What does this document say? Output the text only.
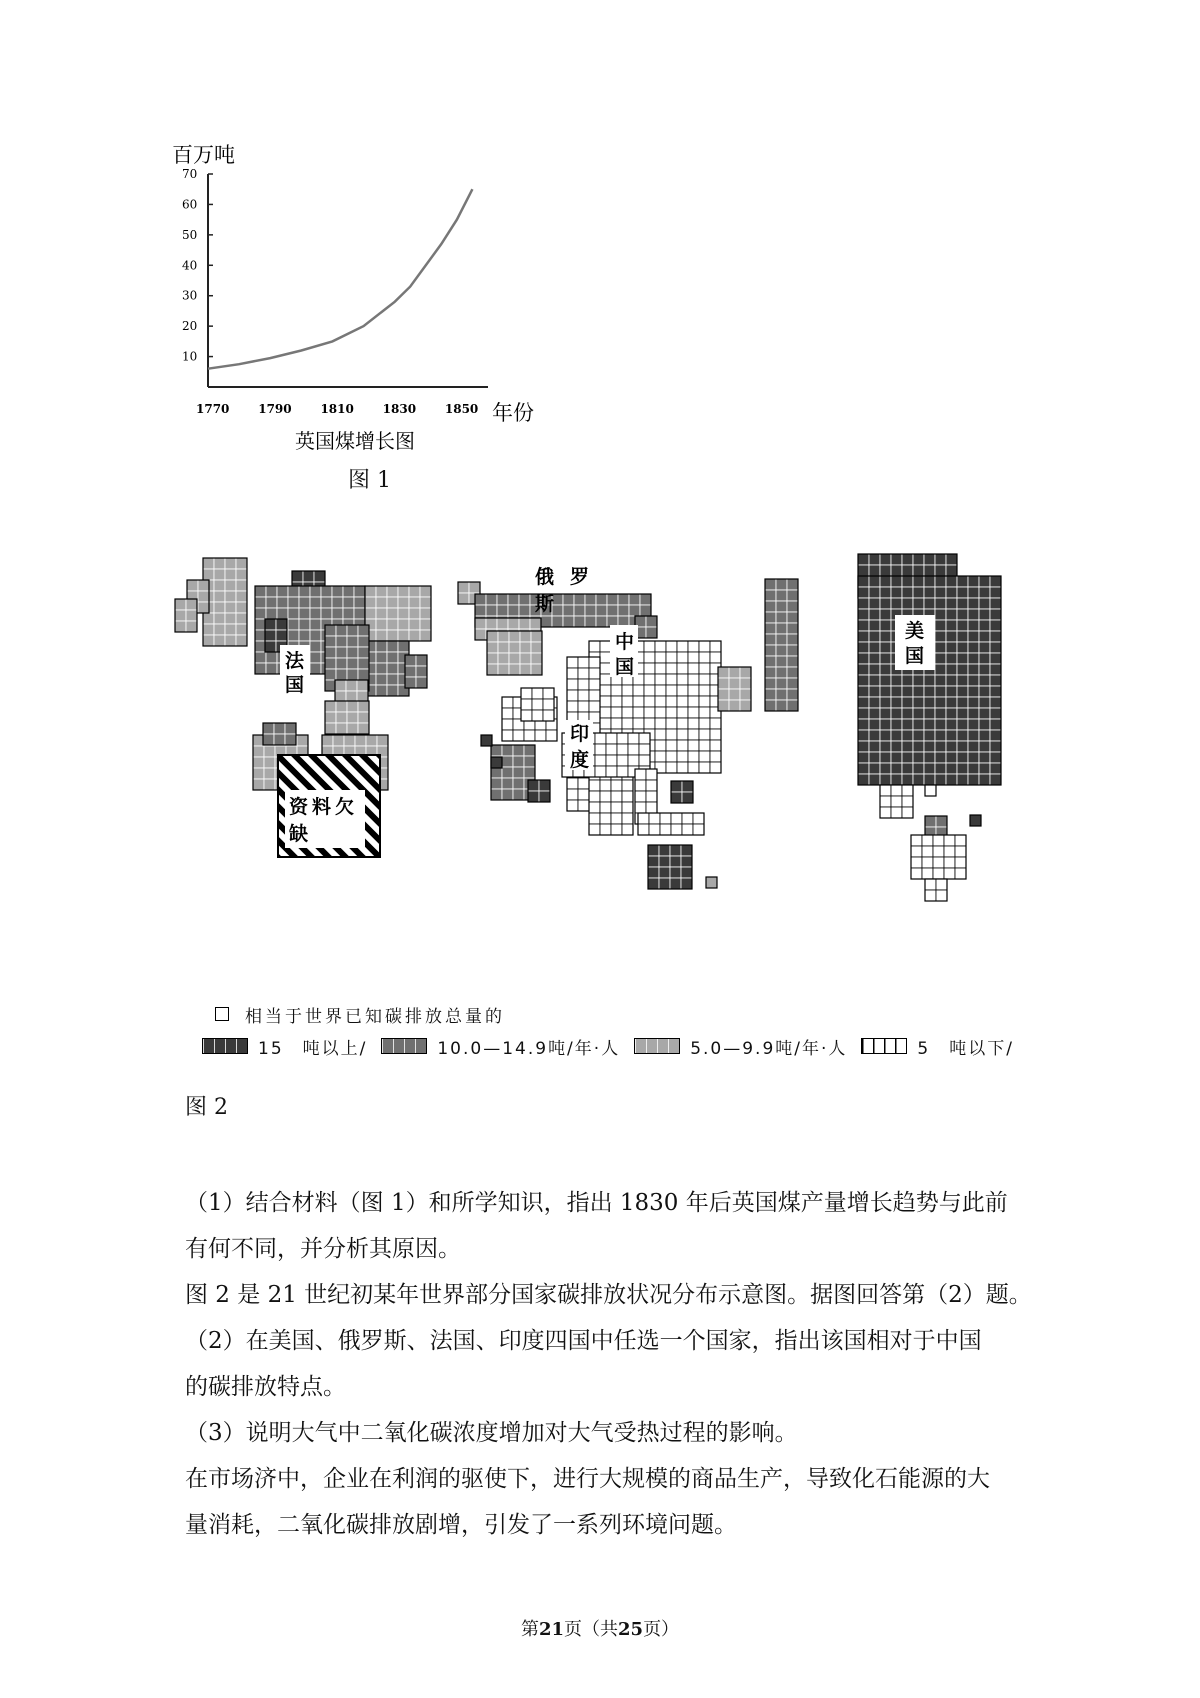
百万吨
年份
英国煤增长图
10
20
30
40
50
60
70
1770 1790 1810 1830 1850
图 1
资料欠
缺
法
国
俄 罗
斯
中
国
印
度
美
国
相当于世界已知碳排放总量的
15　吨以上/	10.0—14.9吨/年·人	5.0—9.9吨/年·人	5　吨以下/
图 2
（1）结合材料（图 1）和所学知识，指出 1830 年后英国煤产量增长趋势与此前
有何不同，并分析其原因。
图 2 是 21 世纪初某年世界部分国家碳排放状况分布示意图。据图回答第（2）题。
（2）在美国、俄罗斯、法国、印度四国中任选一个国家，指出该国相对于中国
的碳排放特点。
（3）说明大气中二氧化碳浓度增加对大气受热过程的影响。
在市场济中，企业在利润的驱使下，进行大规模的商品生产，导致化石能源的大
量消耗，二氧化碳排放剧增，引发了一系列环境问题。
第21页（共25页）
